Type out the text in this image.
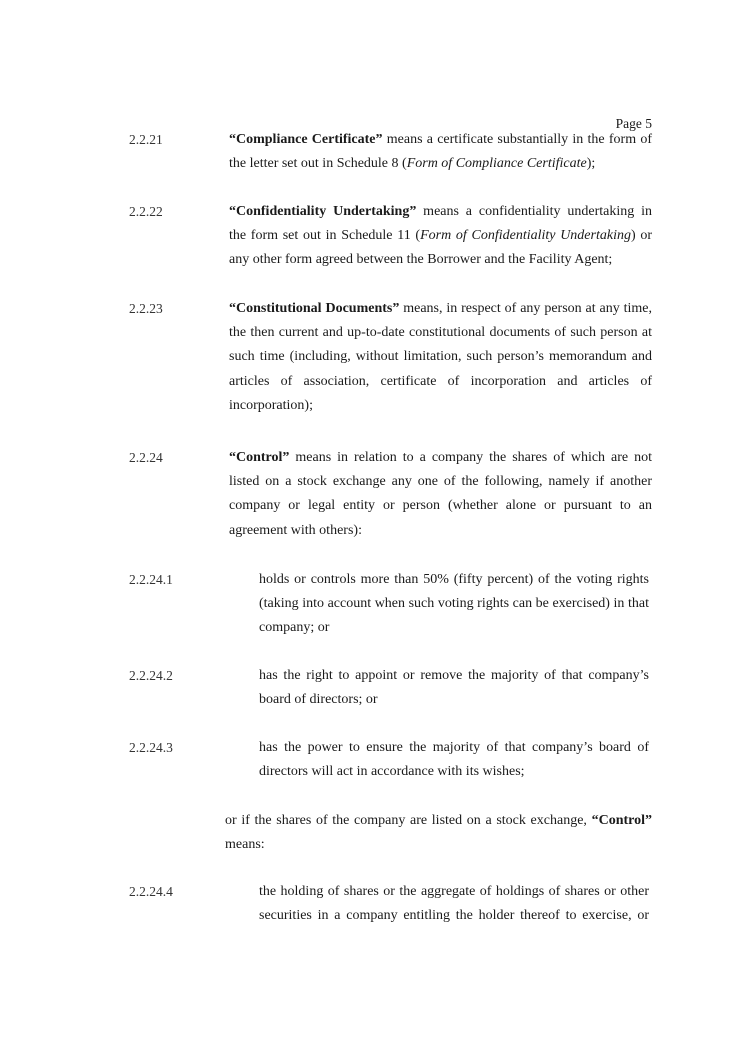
Page 5
2.2.21	“Compliance Certificate” means a certificate substantially in the form of the letter set out in Schedule 8 (Form of Compliance Certificate);
2.2.22	“Confidentiality Undertaking” means a confidentiality undertaking in the form set out in Schedule 11 (Form of Confidentiality Undertaking) or any other form agreed between the Borrower and the Facility Agent;
2.2.23	“Constitutional Documents” means, in respect of any person at any time, the then current and up-to-date constitutional documents of such person at such time (including, without limitation, such person’s memorandum and articles of association, certificate of incorporation and articles of incorporation);
2.2.24	“Control” means in relation to a company the shares of which are not listed on a stock exchange any one of the following, namely if another company or legal entity or person (whether alone or pursuant to an agreement with others):
2.2.24.1	holds or controls more than 50% (fifty percent) of the voting rights (taking into account when such voting rights can be exercised) in that company; or
2.2.24.2	has the right to appoint or remove the majority of that company’s board of directors; or
2.2.24.3	has the power to ensure the majority of that company’s board of directors will act in accordance with its wishes;
or if the shares of the company are listed on a stock exchange, “Control” means:
2.2.24.4	the holding of shares or the aggregate of holdings of shares or other securities in a company entitling the holder thereof to exercise, or
